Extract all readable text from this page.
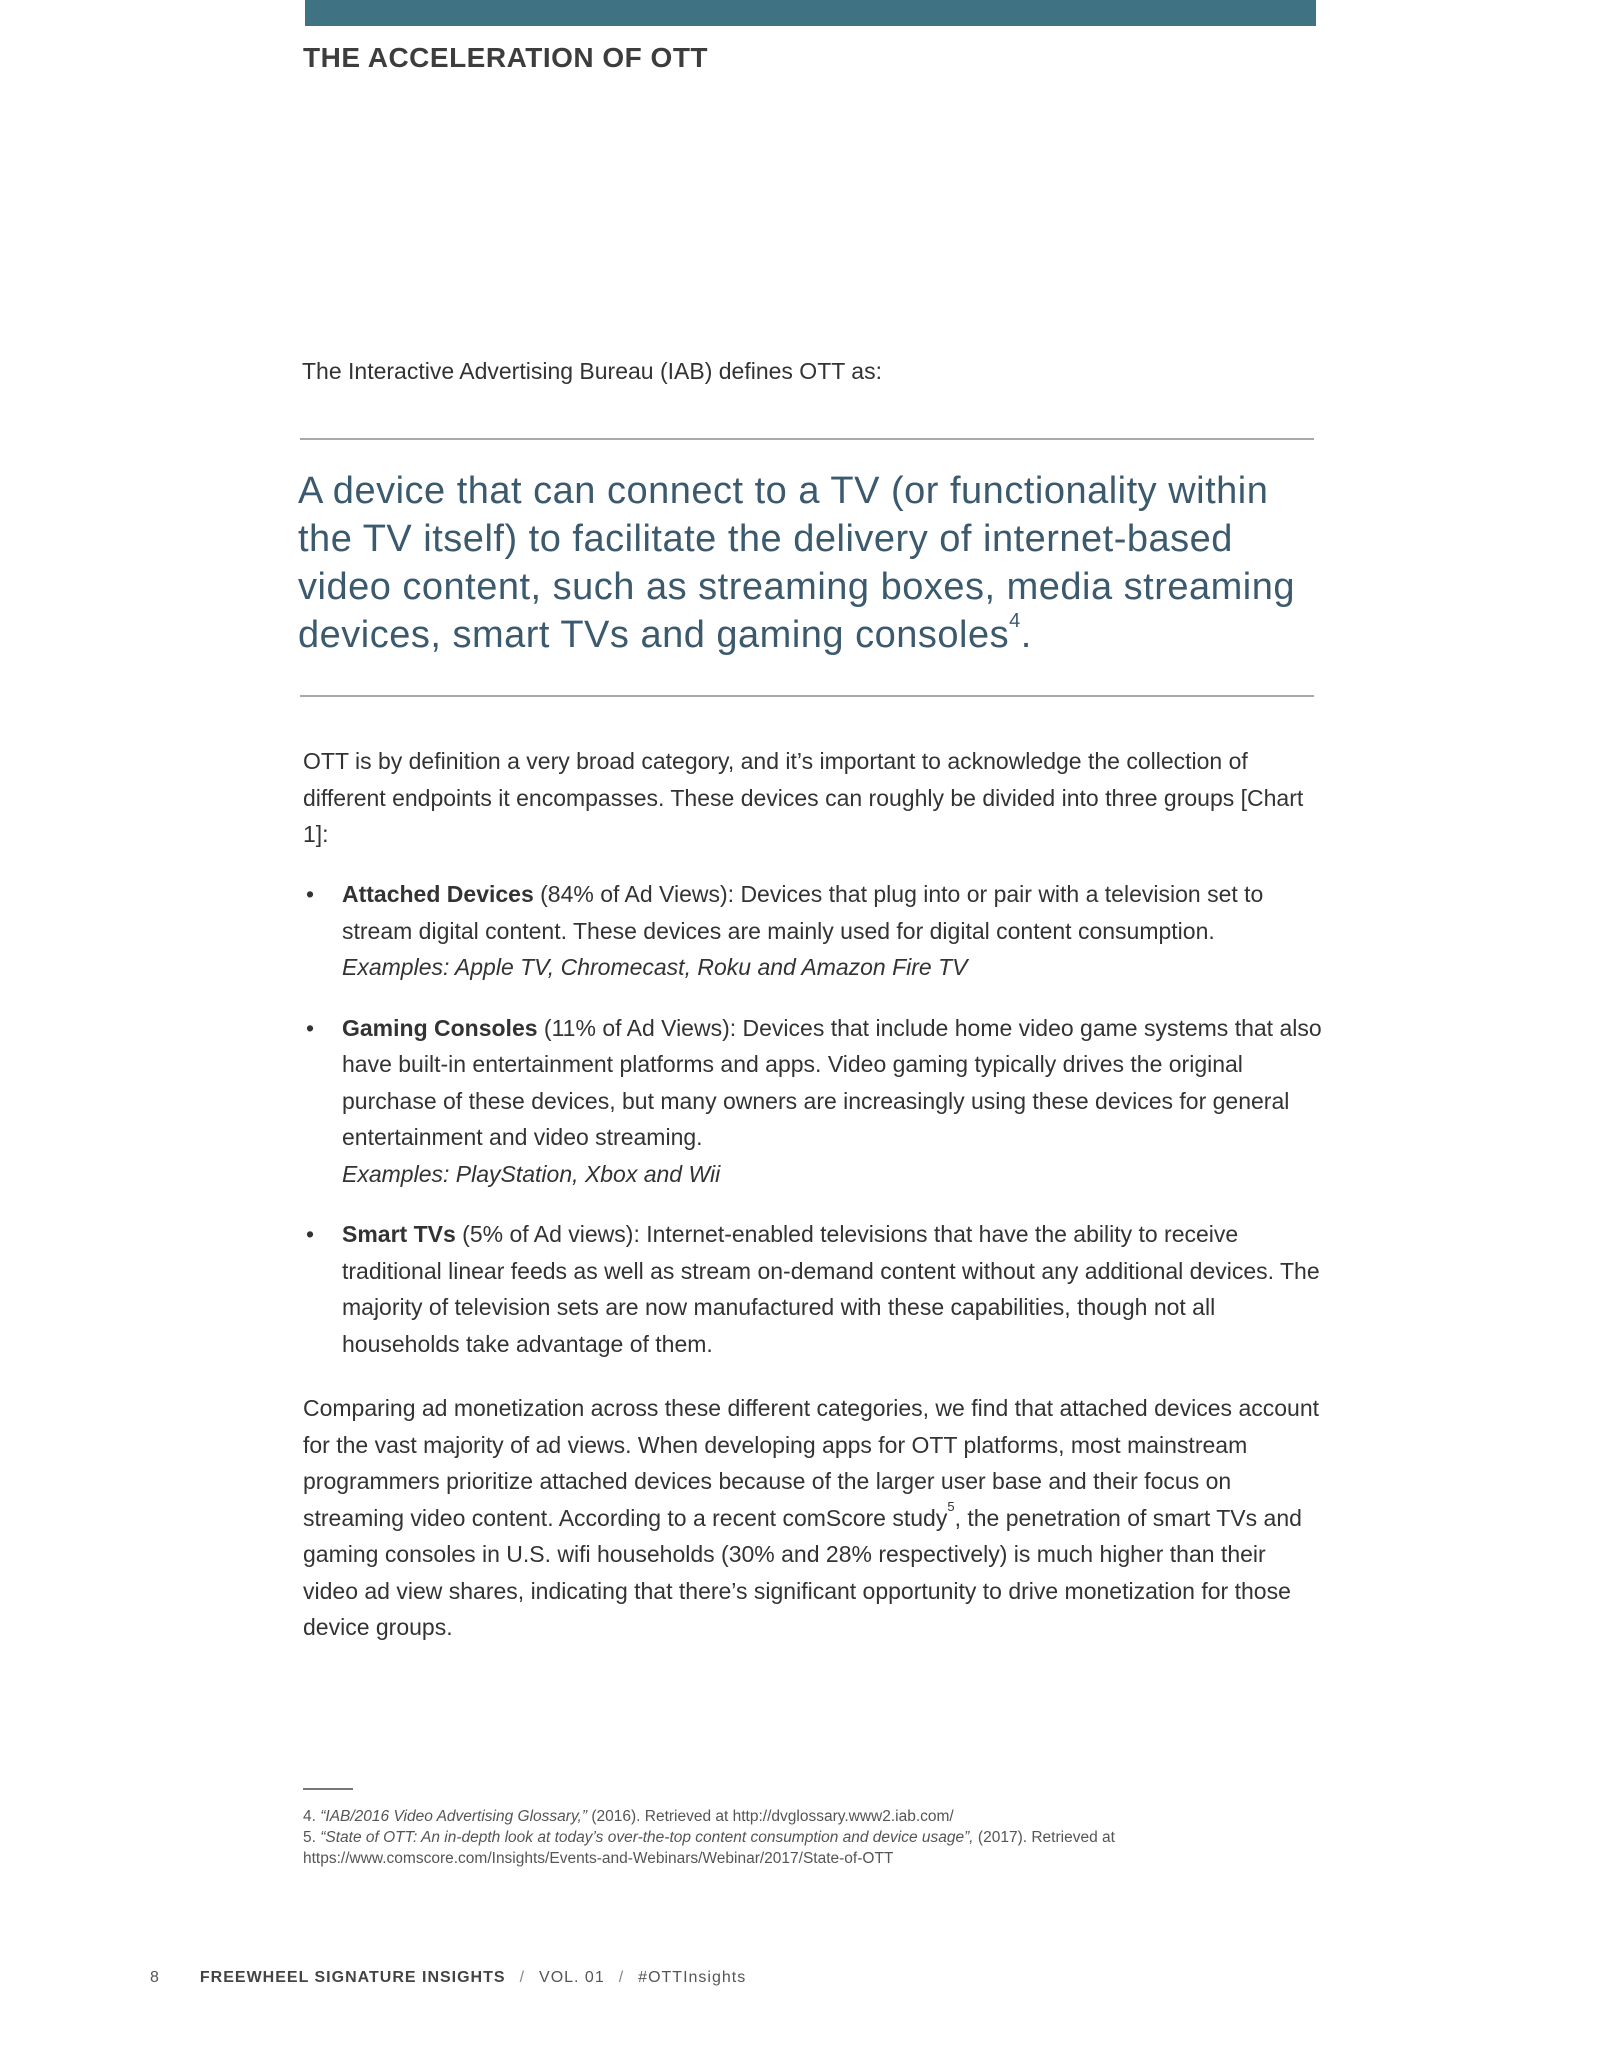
THE ACCELERATION OF OTT
The Interactive Advertising Bureau (IAB) defines OTT as:
A device that can connect to a TV (or functionality within the TV itself) to facilitate the delivery of internet-based video content, such as streaming boxes, media streaming devices, smart TVs and gaming consoles$^4$.
OTT is by definition a very broad category, and it’s important to acknowledge the collection of different endpoints it encompasses. These devices can roughly be divided into three groups [Chart 1]:
• Attached Devices (84% of Ad Views): Devices that plug into or pair with a television set to stream digital content. These devices are mainly used for digital content consumption.
Examples: Apple TV, Chromecast, Roku and Amazon Fire TV
• Gaming Consoles (11% of Ad Views): Devices that include home video game systems that also have built-in entertainment platforms and apps. Video gaming typically drives the original purchase of these devices, but many owners are increasingly using these devices for general entertainment and video streaming.
Examples: PlayStation, Xbox and Wii
• Smart TVs (5% of Ad views): Internet-enabled televisions that have the ability to receive traditional linear feeds as well as stream on-demand content without any additional devices. The majority of television sets are now manufactured with these capabilities, though not all households take advantage of them.
Comparing ad monetization across these different categories, we find that attached devices account for the vast majority of ad views. When developing apps for OTT platforms, most mainstream programmers prioritize attached devices because of the larger user base and their focus on streaming video content. According to a recent comScore study$^5$, the penetration of smart TVs and gaming consoles in U.S. wifi households (30% and 28% respectively) is much higher than their video ad view shares, indicating that there’s significant opportunity to drive monetization for those device groups.
4. “IAB/2016 Video Advertising Glossary,” (2016). Retrieved at http://dvglossary.www2.iab.com/
5. “State of OTT: An in-depth look at today’s over-the-top content consumption and device usage”, (2017). Retrieved at https://www.comscore.com/Insights/Events-and-Webinars/Webinar/2017/State-of-OTT
8	FREEWHEEL SIGNATURE INSIGHTS / VOL. 01 / #OTTInsights
